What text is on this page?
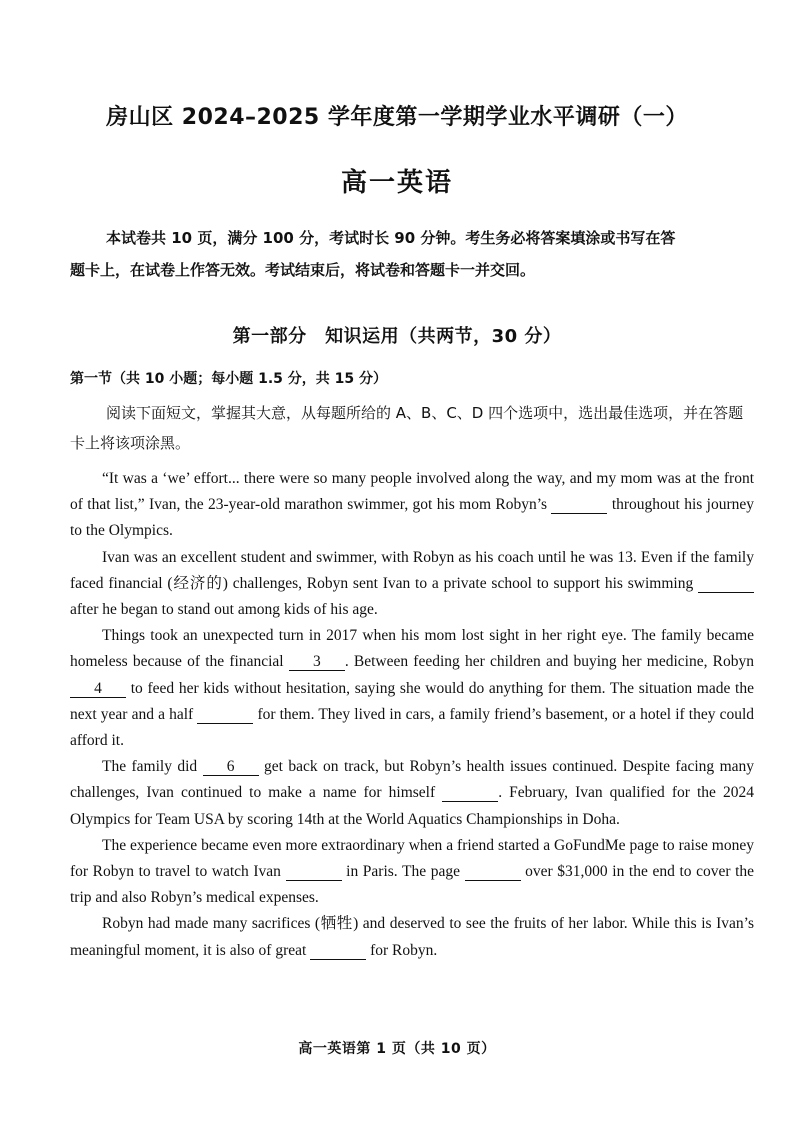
房山区 2024–2025 学年度第一学期学业水平调研（一）
高一英语
本试卷共 10 页，满分 100 分，考试时长 90 分钟。考生务必将答案填涂或书写在答
题卡上，在试卷上作答无效。考试结束后，将试卷和答题卡一并交回。
第一部分　知识运用（共两节，30 分）
第一节（共 10 小题；每小题 1.5 分，共 15 分）
阅读下面短文，掌握其大意，从每题所给的 A、B、C、D 四个选项中，选出最佳选项，并在答题卡上将该项涂黑。

“It was a ‘we’ effort... there were so many people involved along the way, and my mom was at the front of that list,” Ivan, the 23-year-old marathon swimmer, got his mom Robyn’s	throughout his journey to the Olympics.

Ivan was an excellent student and swimmer, with Robyn as his coach until he was 13. Even if the family faced financial (经济的) challenges, Robyn sent Ivan to a private school to support his swimming   after he began to stand out among kids of his age.

Things took an unexpected turn in 2017 when his mom lost sight in her right eye. The family became homeless because of the financial 3 . Between feeding her children and buying her medicine, Robyn 4 to feed her kids without hesitation, saying she would do anything for them. The situation made the next year and a half	for them. They lived in cars, a family friend’s basement, or a hotel if they could afford it.

The family did 6 get back on track, but Robyn’s health issues continued. Despite facing many challenges, Ivan continued to make a name for himself	. February, Ivan qualified for the 2024 Olympics for Team USA by scoring 14th at the World Aquatics Championships in Doha.

The experience became even more extraordinary when a friend started a GoFundMe page to raise money for Robyn to travel to watch Ivan	in Paris. The page	over $31,000 in the end to cover the trip and also Robyn’s medical expenses.

Robyn had made many sacrifices (牺牲) and deserved to see the fruits of her labor. While this is Ivan’s meaningful moment, it is also of great	for Robyn.

高一英语第 1 页（共 10 页）
